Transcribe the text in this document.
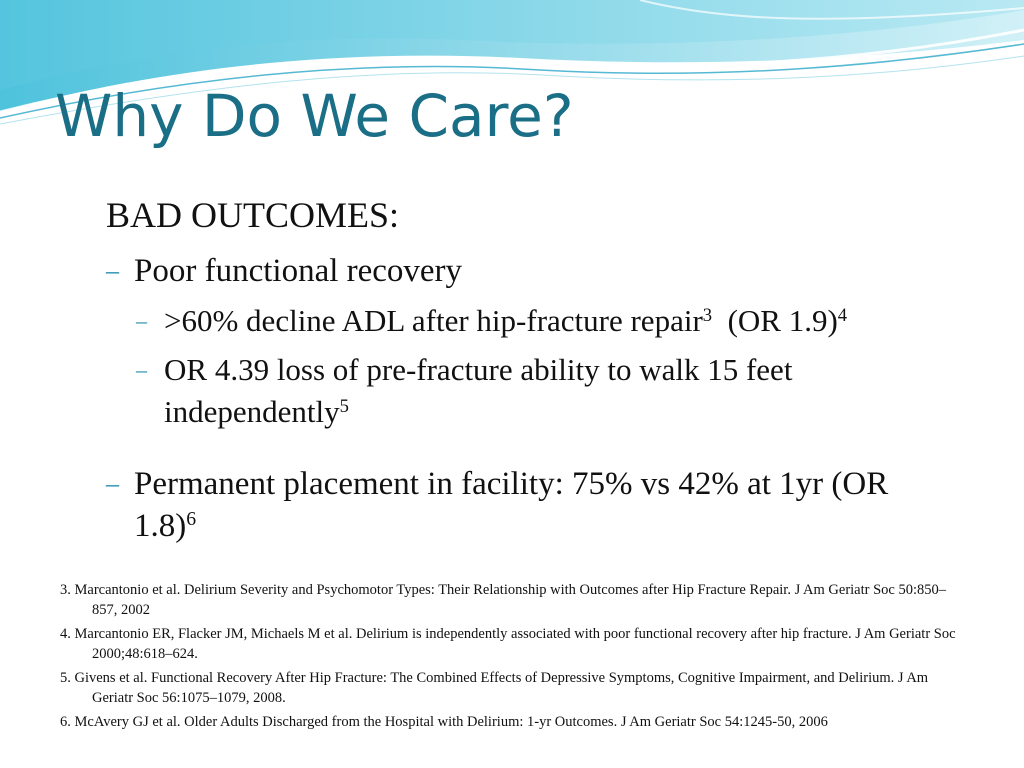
Why Do We Care?
BAD OUTCOMES:
– Poor functional recovery
– >60% decline ADL after hip-fracture repair$^3$  (OR 1.9)$^4$
– OR 4.39 loss of pre-fracture ability to walk 15 feet
independently$^5$
– Permanent placement in facility: 75% vs 42% at 1yr (OR
1.8)$^6$
3. Marcantonio et al. Delirium Severity and Psychomotor Types: Their Relationship with Outcomes after Hip Fracture Repair. J Am Geriatr Soc 50:850–857, 2002
4. Marcantonio ER, Flacker JM, Michaels M et al. Delirium is independently associated with poor functional recovery after hip fracture. J Am Geriatr Soc 2000;48:618–624.
5. Givens et al. Functional Recovery After Hip Fracture: The Combined Effects of Depressive Symptoms, Cognitive Impairment, and Delirium. J Am Geriatr Soc 56:1075–1079, 2008.
6. McAvery GJ et al. Older Adults Discharged from the Hospital with Delirium: 1-yr Outcomes. J Am Geriatr Soc 54:1245-50, 2006
